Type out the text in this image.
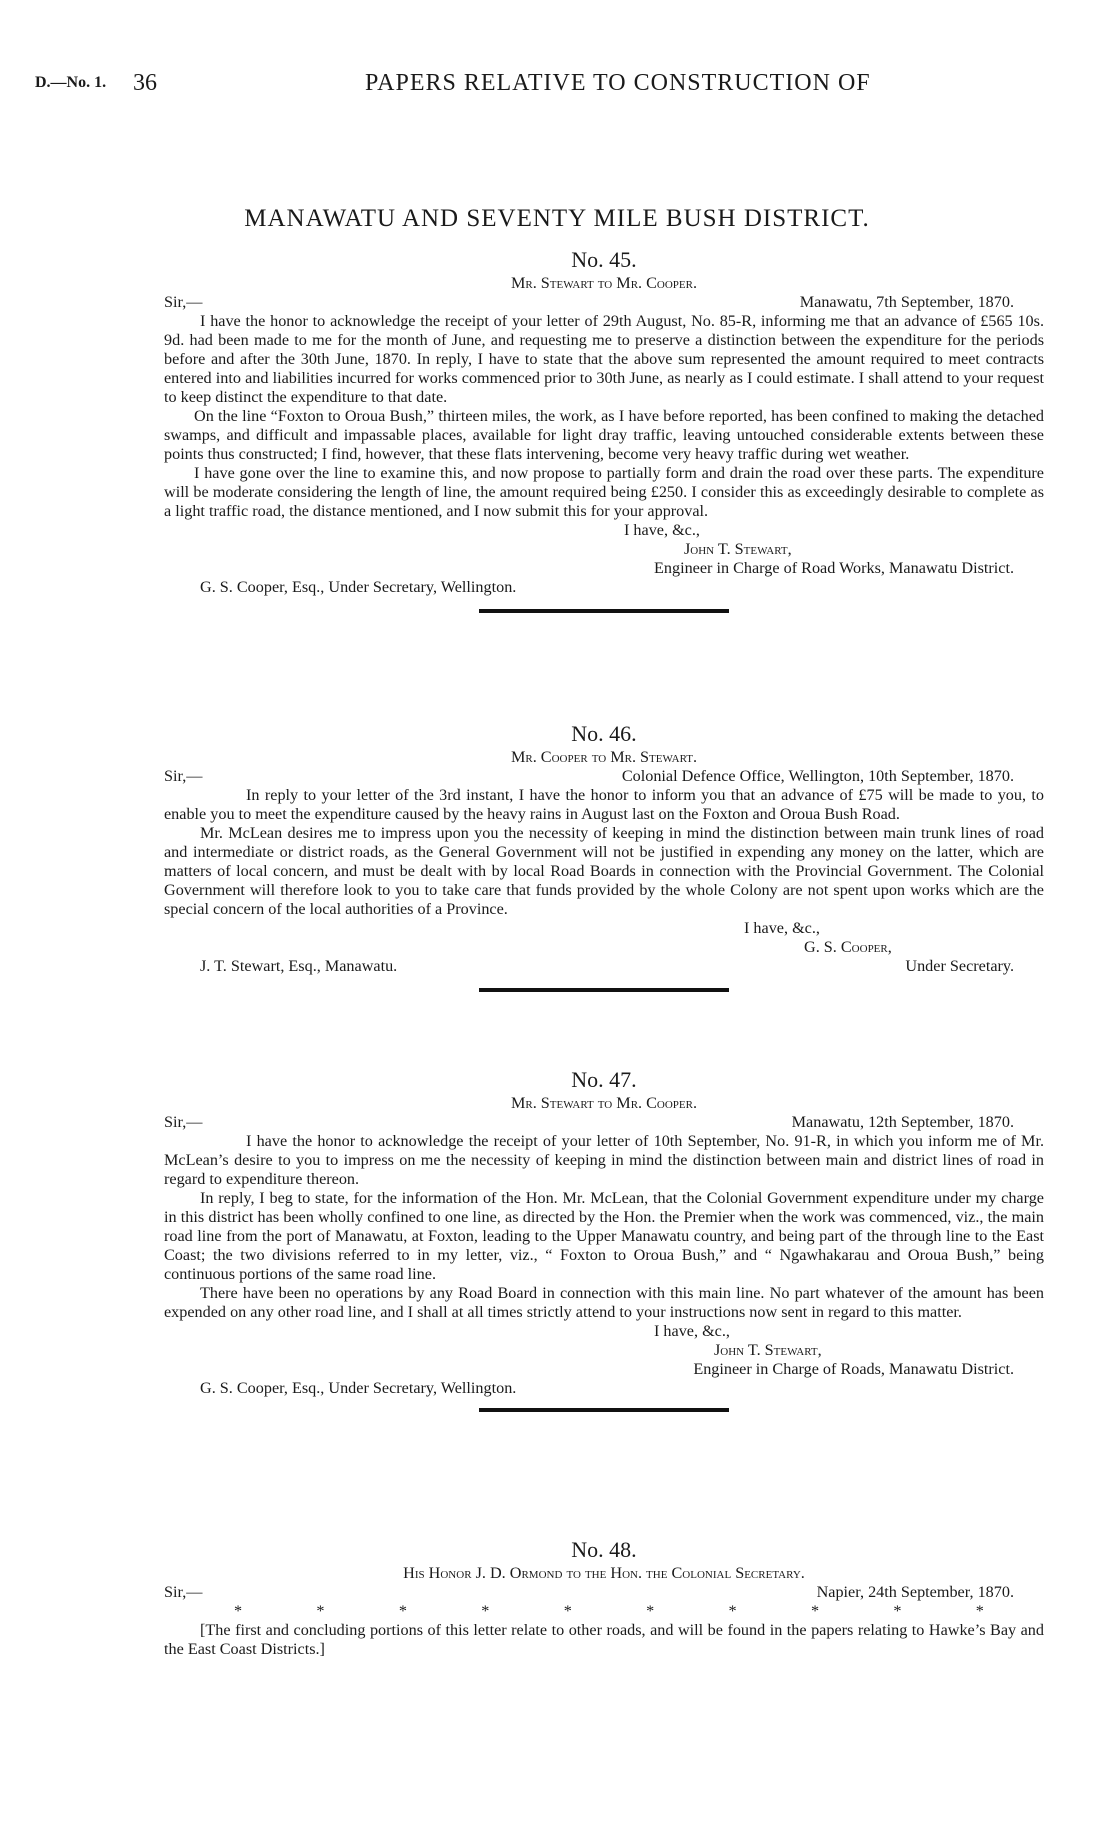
D.—No. 1. 36	PAPERS RELATIVE TO CONSTRUCTION OF
MANAWATU AND SEVENTY MILE BUSH DISTRICT.
No. 45.
Mr. Stewart to Mr. Cooper.
Sir,—	Manawatu, 7th September, 1870.

I have the honor to acknowledge the receipt of your letter of 29th August, No. 85-R, informing me that an advance of £565 10s. 9d. had been made to me for the month of June, and requesting me to preserve a distinction between the expenditure for the periods before and after the 30th June, 1870. In reply, I have to state that the above sum represented the amount required to meet contracts entered into and liabilities incurred for works commenced prior to 30th June, as nearly as I could estimate. I shall attend to your request to keep distinct the expenditure to that date.

On the line “Foxton to Oroua Bush,” thirteen miles, the work, as I have before reported, has been confined to making the detached swamps, and difficult and impassable places, available for light dray traffic, leaving untouched considerable extents between these points thus constructed; I find, however, that these flats intervening, become very heavy traffic during wet weather.

I have gone over the line to examine this, and now propose to partially form and drain the road over these parts. The expenditure will be moderate considering the length of line, the amount required being £250. I consider this as exceedingly desirable to complete as a light traffic road, the distance mentioned, and I now submit this for your approval.

I have, &c.,
John T. Stewart,
Engineer in Charge of Road Works, Manawatu District.
G. S. Cooper, Esq., Under Secretary, Wellington.
No. 46.
Mr. Cooper to Mr. Stewart.
Sir,—	Colonial Defence Office, Wellington, 10th September, 1870.

In reply to your letter of the 3rd instant, I have the honor to inform you that an advance of £75 will be made to you, to enable you to meet the expenditure caused by the heavy rains in August last on the Foxton and Oroua Bush Road.

Mr. McLean desires me to impress upon you the necessity of keeping in mind the distinction between main trunk lines of road and intermediate or district roads, as the General Government will not be justified in expending any money on the latter, which are matters of local concern, and must be dealt with by local Road Boards in connection with the Provincial Government. The Colonial Government will therefore look to you to take care that funds provided by the whole Colony are not spent upon works which are the special concern of the local authorities of a Province.

I have, &c.,
G. S. Cooper,
J. T. Stewart, Esq., Manawatu.	Under Secretary.
No. 47.
Mr. Stewart to Mr. Cooper.
Sir,—	Manawatu, 12th September, 1870.

I have the honor to acknowledge the receipt of your letter of 10th September, No. 91-R, in which you inform me of Mr. McLean’s desire to you to impress on me the necessity of keeping in mind the distinction between main and district lines of road in regard to expenditure thereon.

In reply, I beg to state, for the information of the Hon. Mr. McLean, that the Colonial Government expenditure under my charge in this district has been wholly confined to one line, as directed by the Hon. the Premier when the work was commenced, viz., the main road line from the port of Manawatu, at Foxton, leading to the Upper Manawatu country, and being part of the through line to the East Coast; the two divisions referred to in my letter, viz., “ Foxton to Oroua Bush,” and “ Ngawhakarau and Oroua Bush,” being continuous portions of the same road line.

There have been no operations by any Road Board in connection with this main line. No part whatever of the amount has been expended on any other road line, and I shall at all times strictly attend to your instructions now sent in regard to this matter.

I have, &c.,
John T. Stewart,
Engineer in Charge of Roads, Manawatu District.
G. S. Cooper, Esq., Under Secretary, Wellington.
No. 48.
His Honor J. D. Ormond to the Hon. the Colonial Secretary.
Sir,—	Napier, 24th September, 1870.
*	*	*	*	*	*	*	*	*	*

[The first and concluding portions of this letter relate to other roads, and will be found in the papers relating to Hawke’s Bay and the East Coast Districts.]
